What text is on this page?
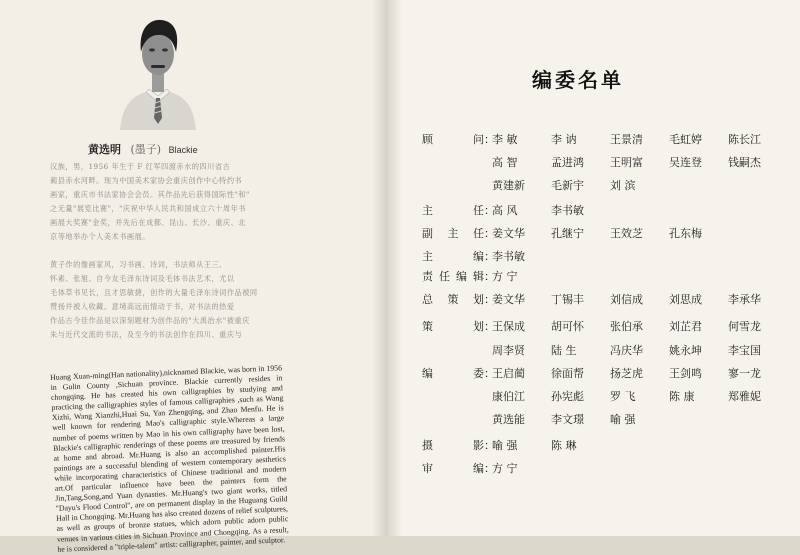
黄选明 (墨子) Blackie

汉族，男，1956 年生于 F 红军四渡赤水的四川省古

蔺县赤水河畔。现为中国美术家协会重庆创作中心特约书

画家，重庆市书法家协会会员。其作品先后获得国际性"和"

之无量"展览比赛"，"庆祝中华人民共和国成立六十周年书

画展大奖赛"金奖，并先后在成都、昆山、长沙、重庆、北

京等地举办个人美术书画展。

黄子作的像画家风，习书画、诗词，书法师从王三、

怀素、张旭、自今友毛泽东诗词及毛体书法艺术，尤以

毛体草书见长，且才思敏捷，创作的大量毛泽东诗词作品被同

赞扬并被人收藏。意境高远而情动于书，对书法的热爱

作品古今佳作品是以深刻题材为创作品的"大禹治水"被重庆

朱与近代交流的书法，及至今的书法创作在四川、重庆与

Huang Xuan-ming(Han nationality),nicknamed Blackie, was born in 1956 in Gulin County ,Sichuan province. Blackie currently resides in chongqing. He has created his own calligraphies by studying and practicing the calligraphies styles of famous calligraphies ,such as Wang Xizhi, Wang Xianzhi,Huai Su, Yan Zhengqing, and Zhao Menfu. He is well known for rendering Mao's calligraphic style.Whereas a large number of poems written by Mao in his own calligraphy have been lost, Blackie's calligraphic renderings of these poems are treasured by friends at home and abroad. Mr.Huang is also an accomplished painter.His paintings are a successful blending of western contemporary aesthetics while incorporating characteristics of Chinese traditional and modern art.Of particular influence have been the painters form the Jin,Tang,Song,and Yuan dynasties. Mr.Huang's two giant works, titled "Dayu's Flood Control", are on permanent display in the Huguang Guild Hall in Chongqing. Mr.Huang has also created dozens of relief sculptures, as well as groups of bronze statues, which adorn public adorn public venues in various cities in Sichuan Province and Chongqing. As a result, he is considered a "triple-talent" artist: calligrapher, painter, and sculptor.

编委名单
顾　问 ：
李 敏	李 讷	王景清 毛虹婷 陈长江
高 智	孟进鸿 王明富 吴连登 钱嗣杰
黄建新 毛新宇 刘 滨
主　任 ：
高 风	李书敏
副主任 ：
姜文华 孔继宁 王效芝 孔东梅
主　编 ：
李书敏
责任编辑 ：
方 宁
总策划 ：
姜文华 丁锡丰 刘信成 刘思成 李承华
策　划 ：
王保成 胡可怀 张伯承 刘芷君 何雪龙
周李贤 陆 生	冯庆华 姚永坤 李宝国
编　委 ：
王启蔺 徐面帮 扬芝虎 王剑鸣 寥一龙
康伯江 孙宪彪 罗 飞	陈 康	郑雅妮
黄选能 李文璟 喻 强
摄　影 ：
喻 强	陈 琳
审　编 ：
方 宁
